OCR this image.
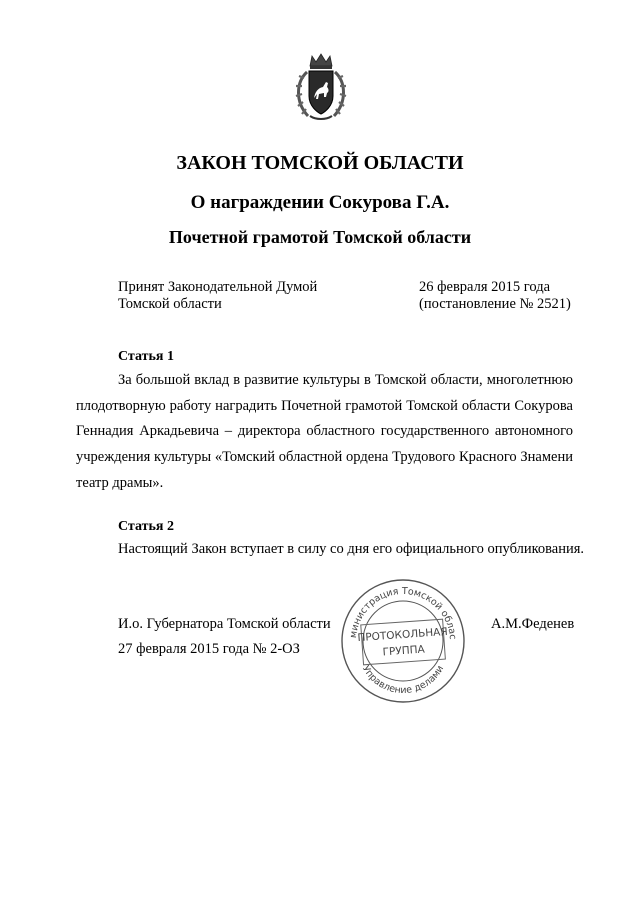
ЗАКОН ТОМСКОЙ ОБЛАСТИ
О награждении Сокурова Г.А.
Почетной грамотой Томской области
Принят Законодательной Думой
Томской области
26 февраля 2015 года
(постановление № 2521)
Статья 1
За большой вклад в развитие культуры в Томской области, многолетнюю плодотворную работу наградить Почетной грамотой Томской области Сокурова Геннадия Аркадьевича – директора областного государственного автономного учреждения культуры «Томский областной ордена Трудового Красного Знамени театр драмы».
Статья 2
Настоящий Закон вступает в силу со дня его официального опубликования.
И.о. Губернатора Томской области
27 февраля 2015 года № 2-ОЗ
А.М.Феденев
министрация Томской облас
Управление делами
ПРОТОКОЛЬНАЯ
ГРУППА
